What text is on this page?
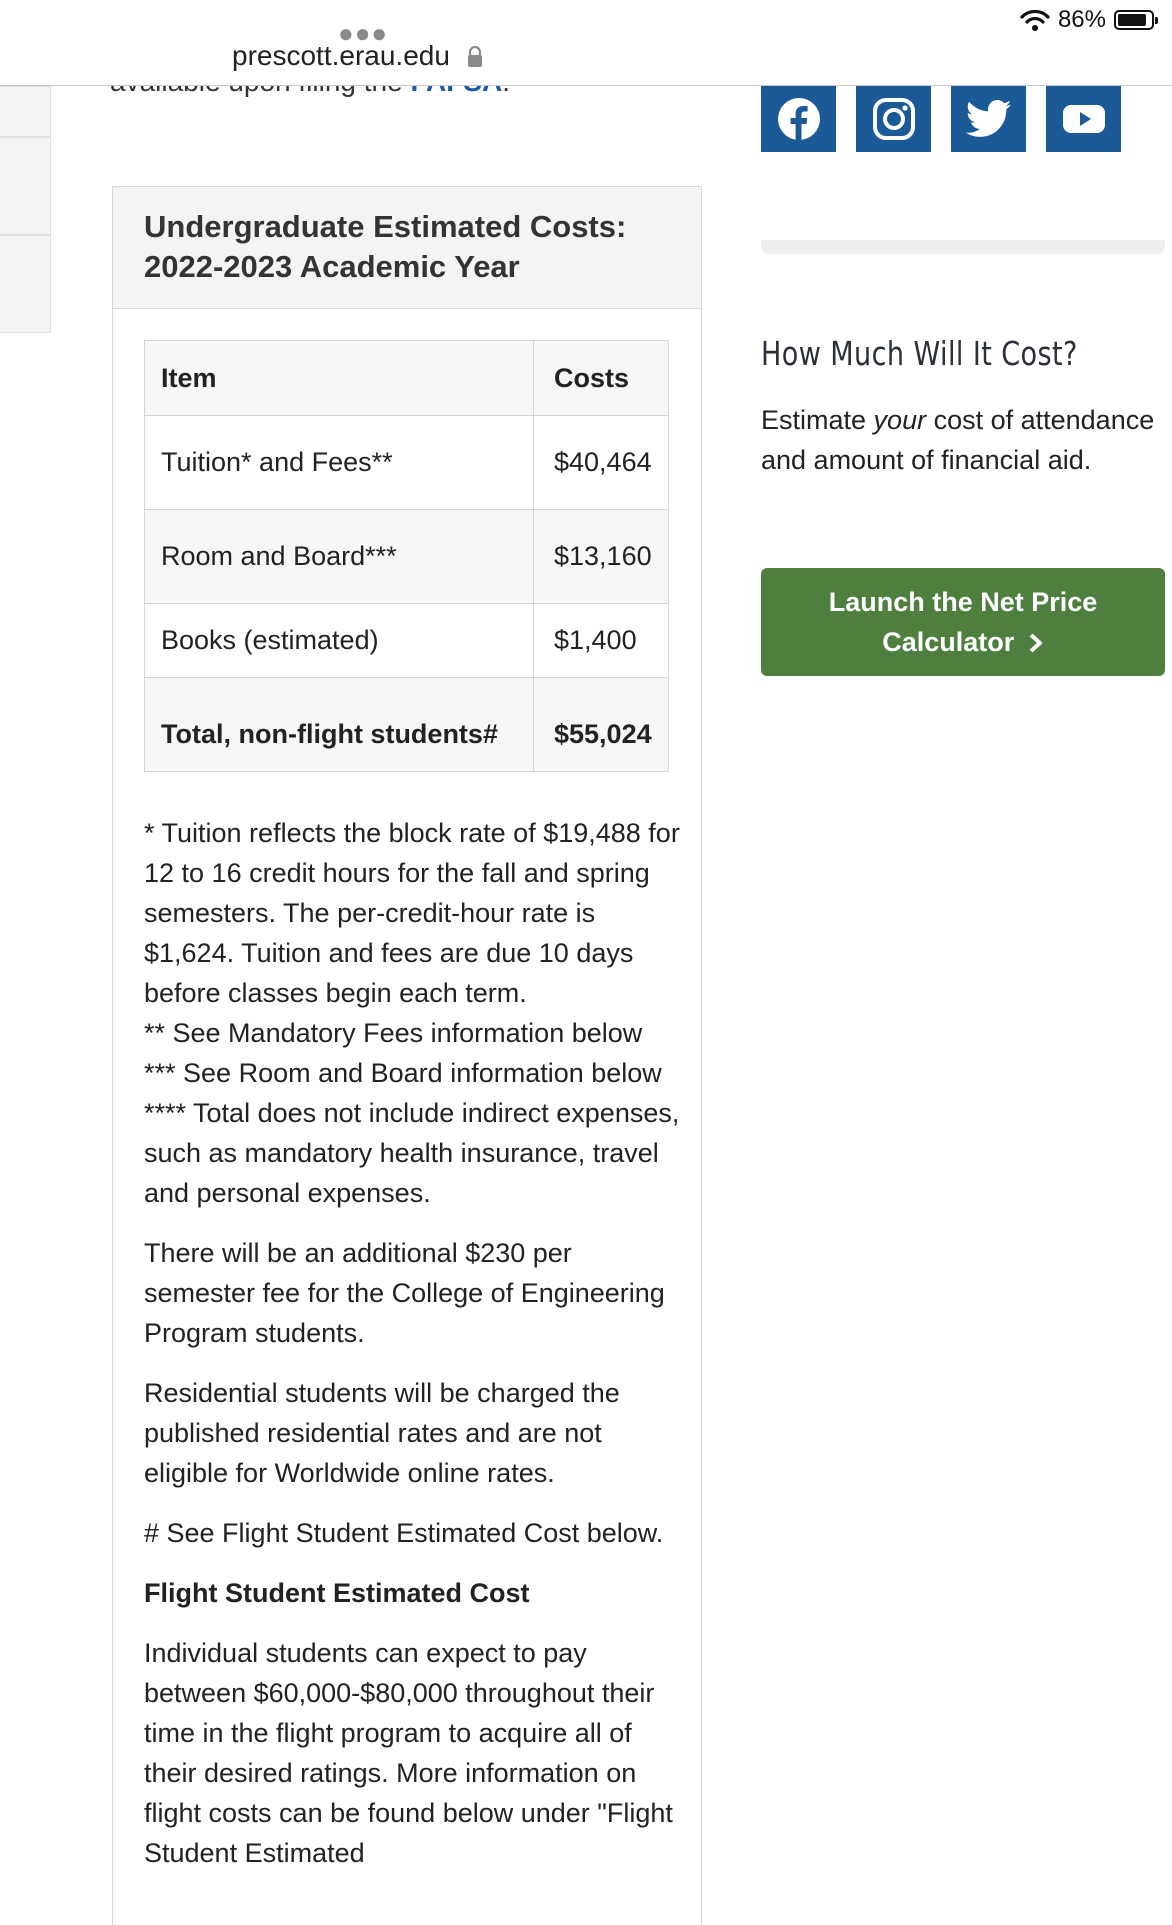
●●●
prescott.erau.edu
86%
Undergraduate Estimated Costs:
2022-2023 Academic Year
Item	Costs
Tuition* and Fees**	$40,464
Room and Board***	$13,160
Books (estimated)	$1,400
Total, non-flight students#	$55,024

* Tuition reflects the block rate of $19,488 for 12 to 16 credit hours for the fall and spring semesters. The per-credit-hour rate is $1,624. Tuition and fees are due 10 days before classes begin each term.
** See Mandatory Fees information below
*** See Room and Board information below
**** Total does not include indirect expenses, such as mandatory health insurance, travel and personal expenses.

There will be an additional $230 per semester fee for the College of Engineering Program students.

Residential students will be charged the published residential rates and are not eligible for Worldwide online rates.

# See Flight Student Estimated Cost below.

Flight Student Estimated Cost

Individual students can expect to pay between $60,000-$80,000 throughout their time in the flight program to acquire all of their desired ratings. More information on flight costs can be found below under "Flight Student Estimated

How Much Will It Cost?
Estimate your cost of attendance and amount of financial aid.
Launch the Net Price
Calculator
